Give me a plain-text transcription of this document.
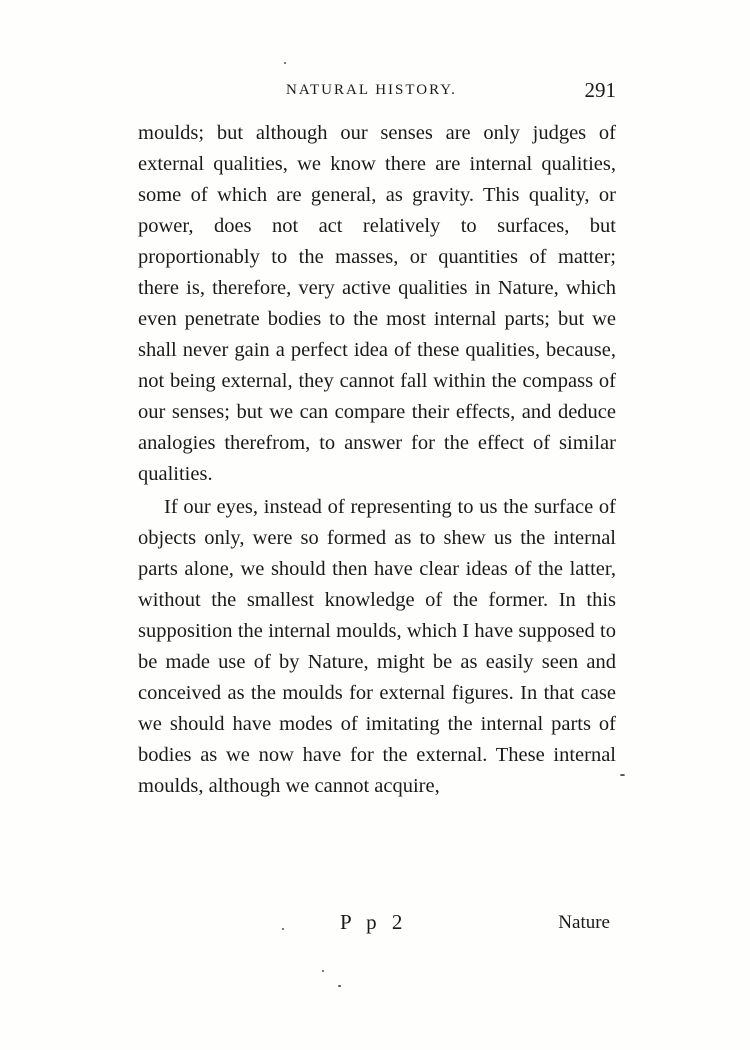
NATURAL HISTORY.	291

moulds; but although our senses are only judges of external qualities, we know there are internal qualities, some of which are general, as gravity. This quality, or power, does not act relatively to surfaces, but proportionably to the masses, or quantities of matter; there is, therefore, very active qualities in Nature, which even penetrate bodies to the most internal parts; but we shall never gain a perfect idea of these qualities, because, not being external, they cannot fall within the compass of our senses; but we can compare their effects, and deduce analogies therefrom, to answer for the effect of similar qualities.

If our eyes, instead of representing to us the surface of objects only, were so formed as to shew us the internal parts alone, we should then have clear ideas of the latter, without the smallest knowledge of the former. In this supposition the internal moulds, which I have supposed to be made use of by Nature, might be as easily seen and conceived as the moulds for external figures. In that case we should have modes of imitating the internal parts of bodies as we now have for the external. These internal moulds, although we cannot acquire,

P p 2	Nature
